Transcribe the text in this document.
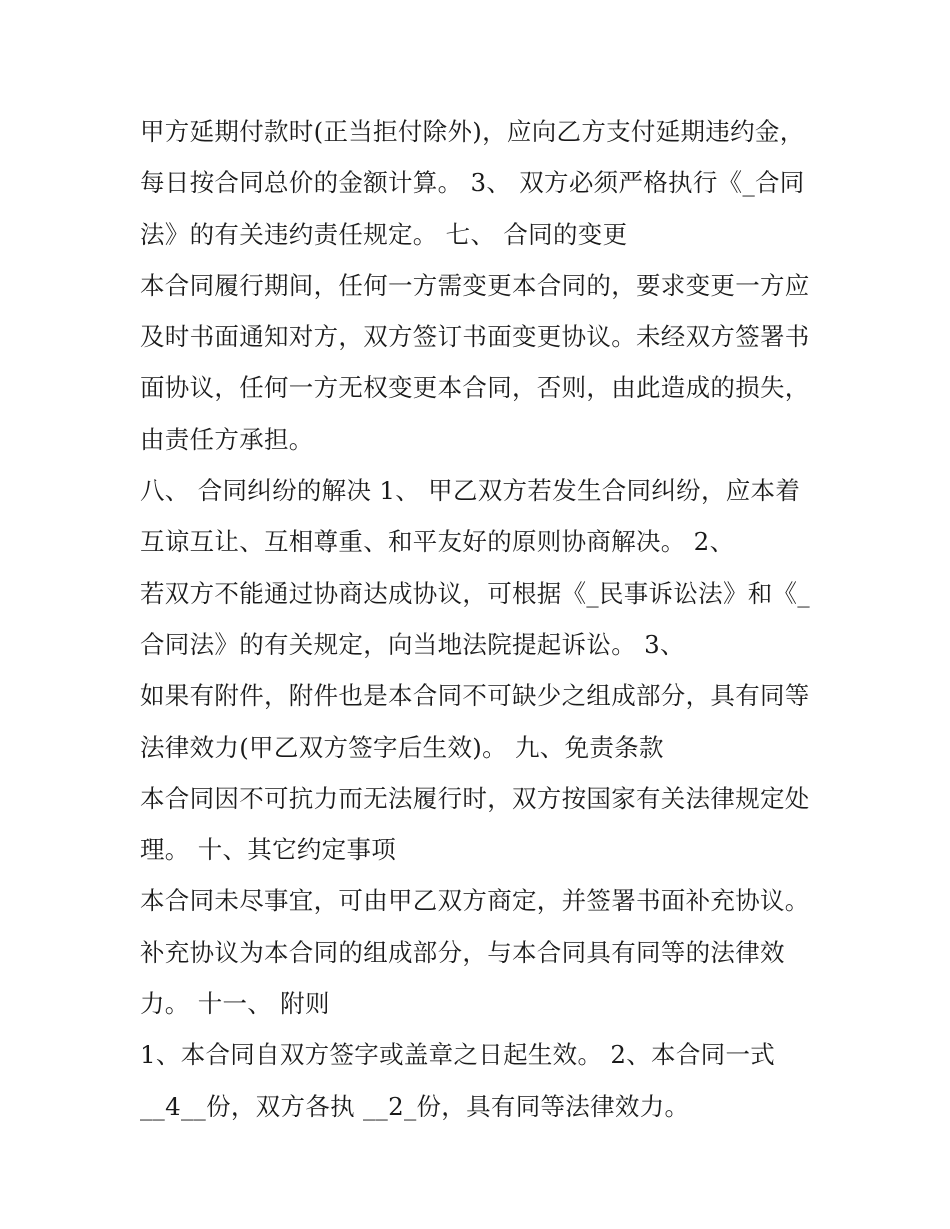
甲方延期付款时(正当拒付除外)，应向乙方支付延期违约金，
每日按合同总价的金额计算。 3、 双方必须严格执行《_合同
法》的有关违约责任规定。 七、 合同的变更
本合同履行期间，任何一方需变更本合同的，要求变更一方应
及时书面通知对方，双方签订书面变更协议。未经双方签署书
面协议，任何一方无权变更本合同，否则，由此造成的损失，
由责任方承担。
八、 合同纠纷的解决 1、 甲乙双方若发生合同纠纷，应本着
互谅互让、互相尊重、和平友好的原则协商解决。 2、
若双方不能通过协商达成协议，可根据《_民事诉讼法》和《_
合同法》的有关规定，向当地法院提起诉讼。 3、
如果有附件，附件也是本合同不可缺少之组成部分，具有同等
法律效力(甲乙双方签字后生效)。 九、免责条款
本合同因不可抗力而无法履行时，双方按国家有关法律规定处
理。 十、其它约定事项
本合同未尽事宜，可由甲乙双方商定，并签署书面补充协议。
补充协议为本合同的组成部分，与本合同具有同等的法律效
力。 十一、 附则
1、本合同自双方签字或盖章之日起生效。 2、本合同一式
__4__份，双方各执 __2_份，具有同等法律效力。
